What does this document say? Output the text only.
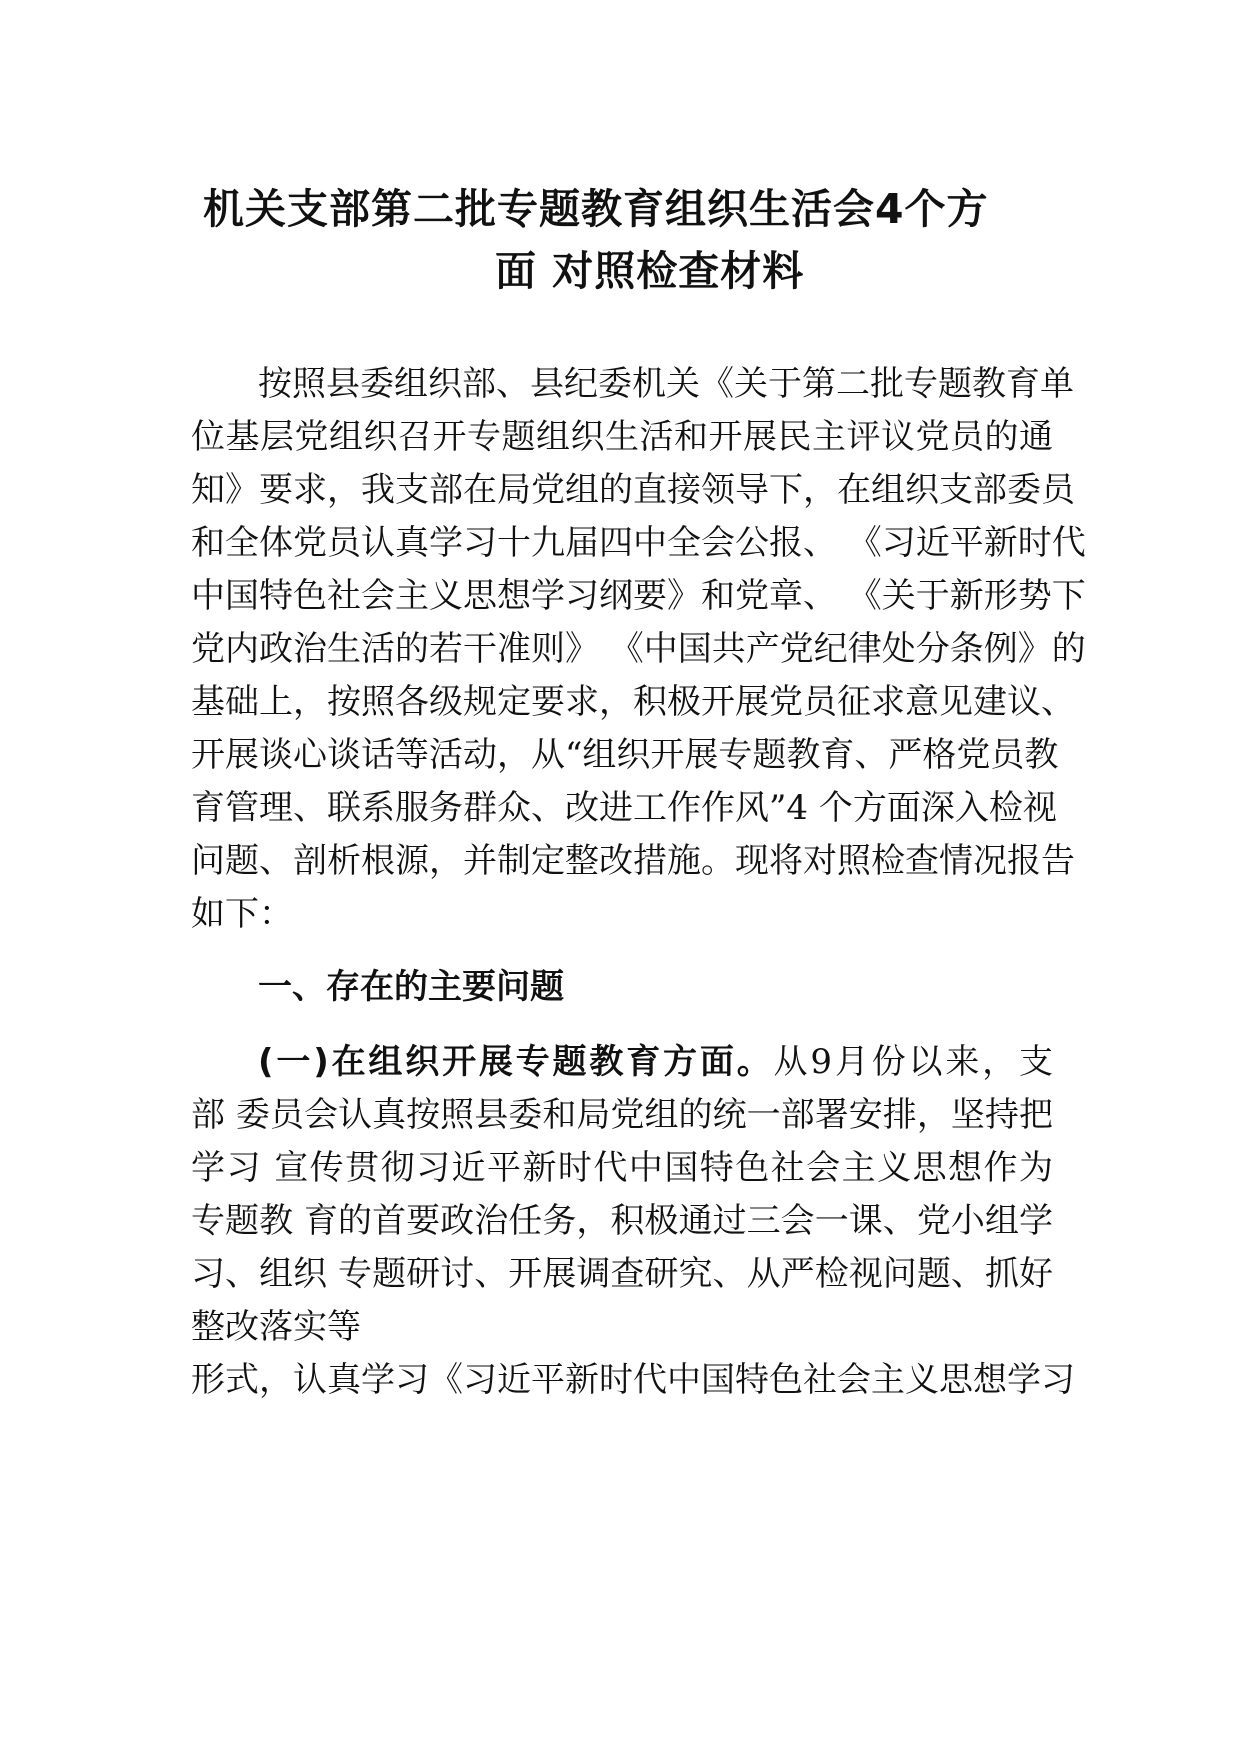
机关支部第二批专题教育组织生活会4个方
面 对照检查材料

按照县委组织部、县纪委机关《关于第二批专题教育单

位基层党组织召开专题组织生活和开展民主评议党员的通

知》要求，我支部在局党组的直接领导下，在组织支部委员

和全体党员认真学习十九届四中全会公报、 《习近平新时代

中国特色社会主义思想学习纲要》和党章、 《关于新形势下

党内政治生活的若干准则》 《中国共产党纪律处分条例》的

基础上，按照各级规定要求，积极开展党员征求意见建议、

开展谈心谈话等活动，从“组织开展专题教育、严格党员教

育管理、联系服务群众、改进工作作风”4 个方面深入检视

问题、剖析根源，并制定整改措施。现将对照检查情况报告

如下：

一、存在的主要问题

(一)在组织开展专题教育方面。从9月份以来，支

部 委员会认真按照县委和局党组的统一部署安排，坚持把

学习 宣传贯彻习近平新时代中国特色社会主义思想作为

专题教 育的首要政治任务，积极通过三会一课、党小组学

习、组织 专题研讨、开展调查研究、从严检视问题、抓好

整改落实等

形式，认真学习《习近平新时代中国特色社会主义思想学习
